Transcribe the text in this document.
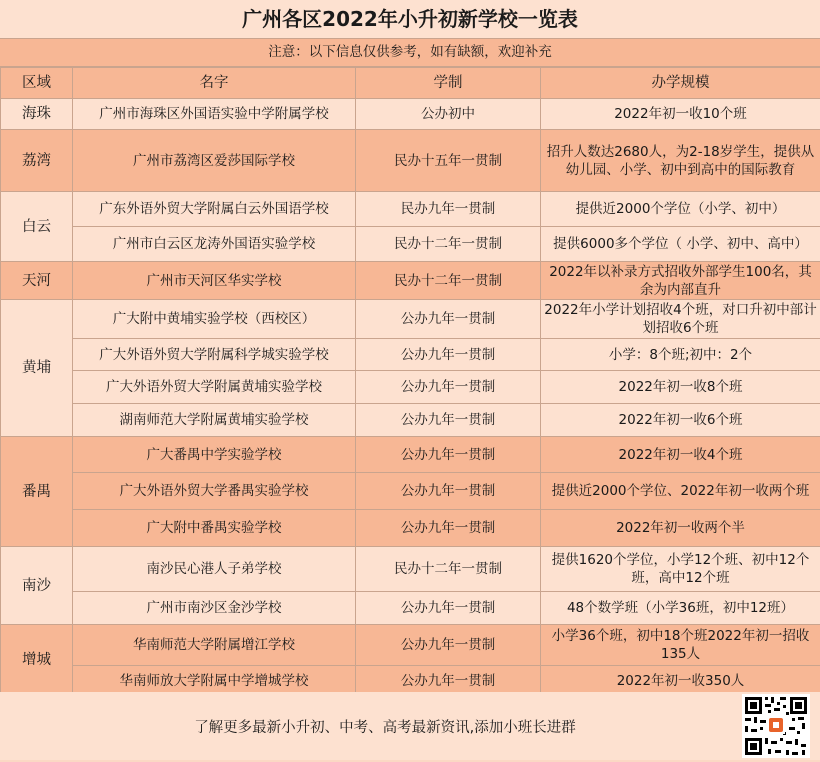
广州各区2022年小升初新学校一览表
注意：以下信息仅供参考，如有缺额，欢迎补充
区域	名字	学制	办学规模
海珠	广州市海珠区外国语实验中学附属学校	公办初中	2022年初一收10个班
荔湾	广州市荔湾区爱莎国际学校	民办十五年一贯制	招升人数达2680人，为2-18岁学生，提供从幼儿园、小学、初中到高中的国际教育
白云	广东外语外贸大学附属白云外国语学校	民办九年一贯制	提供近2000个学位（小学、初中）
	广州市白云区龙涛外国语实验学校	民办十二年一贯制	提供6000多个学位（ 小学、初中、高中）
天河	广州市天河区华实学校	民办十二年一贯制	2022年以补录方式招收外部学生100名，其余为内部直升
黄埔	广大附中黄埔实验学校（西校区）	公办九年一贯制	2022年小学计划招收4个班，对口升初中部计划招收6个班
	广大外语外贸大学附属科学城实验学校	公办九年一贯制	小学：8个班;初中：2个
	广大外语外贸大学附属黄埔实验学校	公办九年一贯制	2022年初一收8个班
	湖南师范大学附属黄埔实验学校	公办九年一贯制	2022年初一收6个班
番禺	广大番禺中学实验学校	公办九年一贯制	2022年初一收4个班
	广大外语外贸大学番禺实验学校	公办九年一贯制	提供近2000个学位、2022年初一收两个班
	广大附中番禺实验学校	公办九年一贯制	2022年初一收两个半
南沙	南沙民心港人子弟学校	民办十二年一贯制	提供1620个学位，小学12个班、初中12个班，高中12个班
	广州市南沙区金沙学校	公办九年一贯制	48个数学班（小学36班，初中12班）
增城	华南师范大学附属增江学校	公办九年一贯制	小学36个班，初中18个班2022年初一招收135人
	华南师放大学附属中学增城学校	公办九年一贯制	2022年初一收350人
了解更多最新小升初、中考、高考最新资讯,添加小班长进群
